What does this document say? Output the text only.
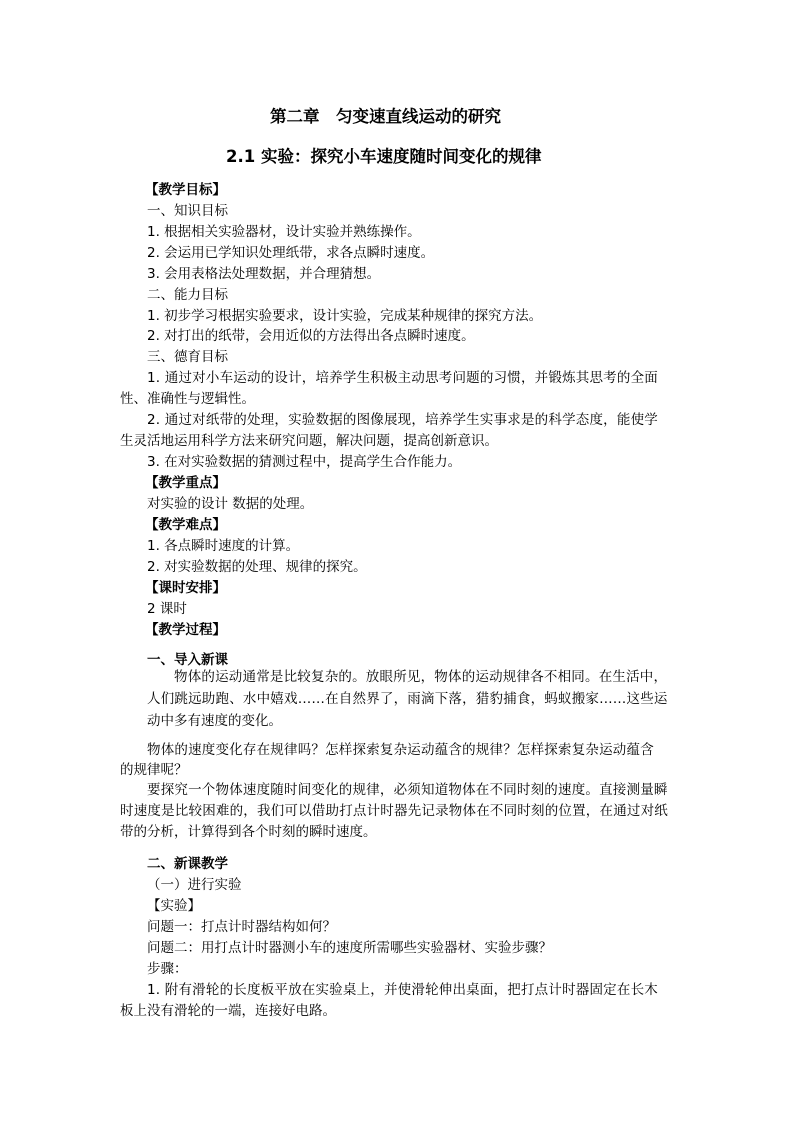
第二章　匀变速直线运动的研究
2.1 实验：探究小车速度随时间变化的规律
【教学目标】
一、知识目标
1. 根据相关实验器材，设计实验并熟练操作。
2. 会运用已学知识处理纸带，求各点瞬时速度。
3. 会用表格法处理数据，并合理猜想。
二、能力目标
1. 初步学习根据实验要求，设计实验，完成某种规律的探究方法。
2. 对打出的纸带，会用近似的方法得出各点瞬时速度。
三、德育目标
1. 通过对小车运动的设计，培养学生积极主动思考问题的习惯，并锻炼其思考的全面
性、准确性与逻辑性。
2. 通过对纸带的处理，实验数据的图像展现，培养学生实事求是的科学态度，能使学
生灵活地运用科学方法来研究问题，解决问题，提高创新意识。
3. 在对实验数据的猜测过程中，提高学生合作能力。
【教学重点】
对实验的设计 数据的处理。
【教学难点】
1. 各点瞬时速度的计算。
2. 对实验数据的处理、规律的探究。
【课时安排】
2 课时
【教学过程】
一、导入新课
物体的运动通常是比较复杂的。放眼所见，物体的运动规律各不相同。在生活中，
人们跳远助跑、水中嬉戏……在自然界了，雨滴下落，猎豹捕食，蚂蚁搬家……这些运
动中多有速度的变化。
物体的速度变化存在规律吗？怎样探索复杂运动蕴含的规律？怎样探索复杂运动蕴含
的规律呢？
要探究一个物体速度随时间变化的规律，必须知道物体在不同时刻的速度。直接测量瞬
时速度是比较困难的，我们可以借助打点计时器先记录物体在不同时刻的位置，在通过对纸
带的分析，计算得到各个时刻的瞬时速度。
二、新课教学
（一）进行实验
【实验】
问题一：打点计时器结构如何？
问题二：用打点计时器测小车的速度所需哪些实验器材、实验步骤？
步骤：
1. 附有滑轮的长度板平放在实验桌上，并使滑轮伸出桌面，把打点计时器固定在长木
板上没有滑轮的一端，连接好电路。
